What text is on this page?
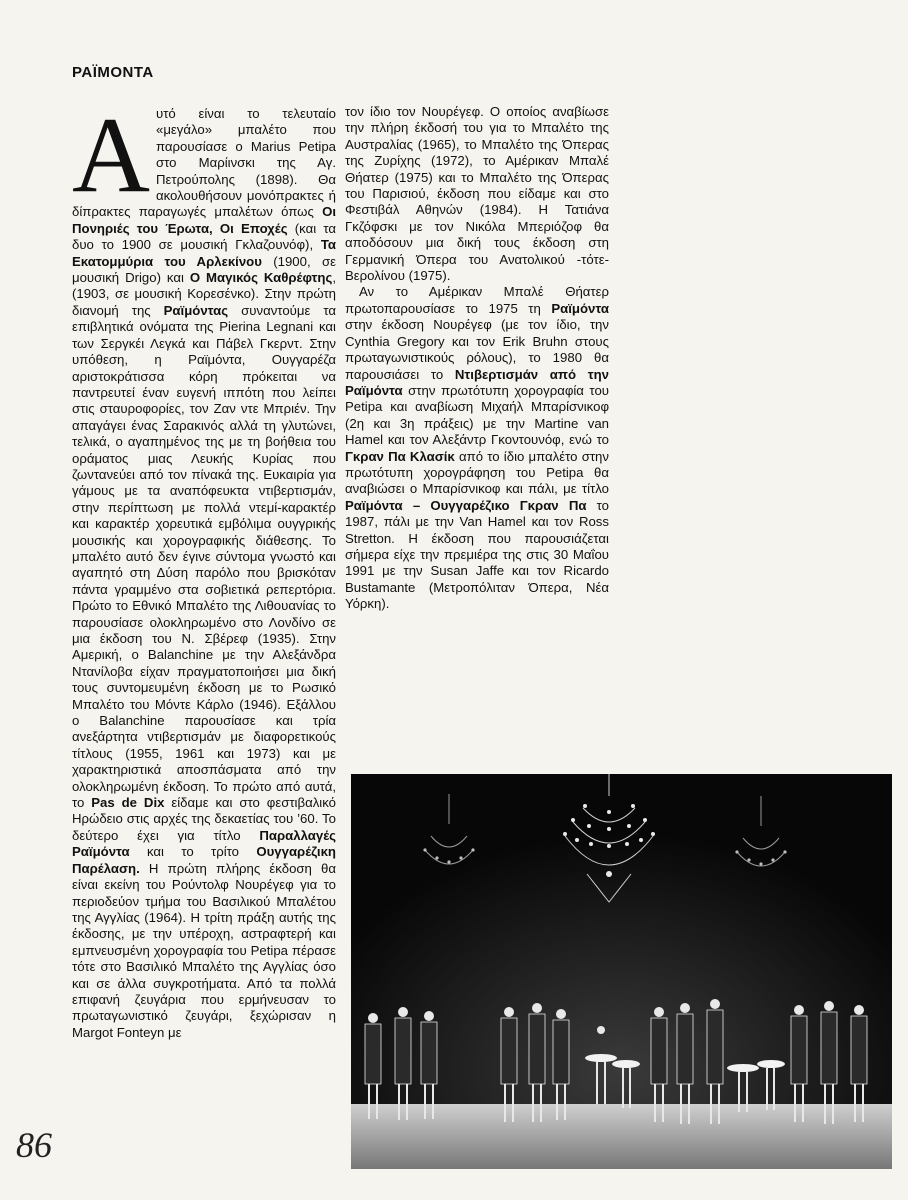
ΡΑΪΜΟΝΤΑ

Αυτό είναι το τελευταίο «μεγάλο» μπαλέτο που παρουσίασε ο Marius Petipa στο Μαρίινσκι της Αγ. Πετρούπολης (1898). Θα ακολουθήσουν μονόπρακτες ή δίπρακτες παραγωγές μπαλέτων όπως Οι Πονηριές του Έρωτα, Οι Εποχές (και τα δυο το 1900 σε μουσική Γκλαζουνόφ), Τα Εκατομμύρια του Αρλεκίνου (1900, σε μουσική Drigo) και Ο Μαγικός Καθρέφτης, (1903, σε μουσική Κορεσένκο). Στην πρώτη διανομή της Ραϊμόντας συναντούμε τα επιβλητικά ονόματα της Pierina Legnani και των Σεργκέι Λεγκά και Πάβελ Γκερντ. Στην υπόθεση, η Ραϊμόντα, Ουγγαρέζα αριστοκράτισσα κόρη πρόκειται να παντρευτεί έναν ευγενή ιππότη που λείπει στις σταυροφορίες, τον Ζαν ντε Μπριέν. Την απαγάγει ένας Σαρακινός αλλά τη γλυτώνει, τελικά, ο αγαπημένος της με τη βοήθεια του οράματος μιας Λευκής Κυρίας που ζωντανεύει από τον πίνακά της. Ευκαιρία για γάμους με τα αναπόφευκτα ντιβερτισμάν, στην περίπτωση με πολλά ντεμί-καρακτέρ και καρακτέρ χορευτικά εμβόλιμα ουγγρικής μουσικής και χορογραφικής διάθεσης. Το μπαλέτο αυτό δεν έγινε σύντομα γνωστό και αγαπητό στη Δύση παρόλο που βρισκόταν πάντα γραμμένο στα σοβιετικά ρεπερτόρια. Πρώτο το Εθνικό Μπαλέτο της Λιθουανίας το παρουσίασε ολοκληρωμένο στο Λονδίνο σε μια έκδοση του Ν. Σβέρεφ (1935). Στην Αμερική, ο Balanchine με την Αλεξάνδρα Ντανίλοβα είχαν πραγματοποιήσει μια δική τους συντομευμένη έκδοση με το Ρωσικό Μπαλέτο του Μόντε Κάρλο (1946). Εξάλλου ο Balanchine παρουσίασε και τρία ανεξάρτητα ντιβερτισμάν με διαφορετικούς τίτλους (1955, 1961 και 1973) και με χαρακτηριστικά αποσπάσματα από την ολοκληρωμένη έκδοση. Το πρώτο από αυτά, το Pas de Dix είδαμε και στο φεστιβαλικό Ηρώδειο στις αρχές της δεκαετίας του ’60. Το δεύτερο έχει για τίτλο Παραλλαγές Ραϊμόντα και το τρίτο Ουγγαρέζικη Παρέλαση. Η πρώτη πλήρης έκδοση θα είναι εκείνη του Ρούντολφ Νουρέγεφ για το περιοδεύον τμήμα του Βασιλικού Μπαλέτου της Αγγλίας (1964). Η τρίτη πράξη αυτής της έκδοσης, με την υπέροχη, αστραφτερή και εμπνευσμένη χορογραφία του Petipa πέρασε τότε στο Βασιλικό Μπαλέτο της Αγγλίας όσο και σε άλλα συγκροτήματα. Από τα πολλά επιφανή ζευγάρια που ερμήνευσαν το πρωταγωνιστικό ζευγάρι, ξεχώρισαν η Margot Fonteyn με

τον ίδιο τον Νουρέγεφ. Ο οποίος αναβίωσε την πλήρη έκδοσή του για το Μπαλέτο της Αυστραλίας (1965), το Μπαλέτο της Όπερας της Ζυρίχης (1972), το Αμέρικαν Μπαλέ Θήατερ (1975) και το Μπαλέτο της Όπερας του Παρισιού, έκδοση που είδαμε και στο Φεστιβάλ Αθηνών (1984). Η Τατιάνα Γκζόφσκι με τον Νικόλα Μπεριόζοφ θα αποδόσουν μια δική τους έκδοση στη Γερμανική Όπερα του Ανατολικού -τότε- Βερολίνου (1975).

Αν το Αμέρικαν Μπαλέ Θήατερ πρωτοπαρουσίασε το 1975 τη Ραϊμόντα στην έκδοση Νουρέγεφ (με τον ίδιο, την Cynthia Gregory και τον Erik Bruhn στους πρωταγωνιστικούς ρόλους), το 1980 θα παρουσιάσει το Ντιβερτισμάν από την Ραϊμόντα στην πρωτότυπη χορογραφία του Petipa και αναβίωση Μιχαήλ Μπαρίσνικοφ (2η και 3η πράξεις) με την Martine van Hamel και τον Αλεξάντρ Γκοντουνόφ, ενώ το Γκραν Πα Κλασίκ από το ίδιο μπαλέτο στην πρωτότυπη χορογράφηση του Petipa θα αναβιώσει ο Μπαρίσνικοφ και πάλι, με τίτλο Ραϊμόντα – Ουγγαρέζικο Γκραν Πα το 1987, πάλι με την Van Hamel και τον Ross Stretton. Η έκδοση που παρουσιάζεται σήμερα είχε την πρεμιέρα της στις 30 Μαΐου 1991 με την Susan Jaffe και τον Ricardo Bustamante (Μετροπόλιταν Όπερα, Νέα Υόρκη).

86
